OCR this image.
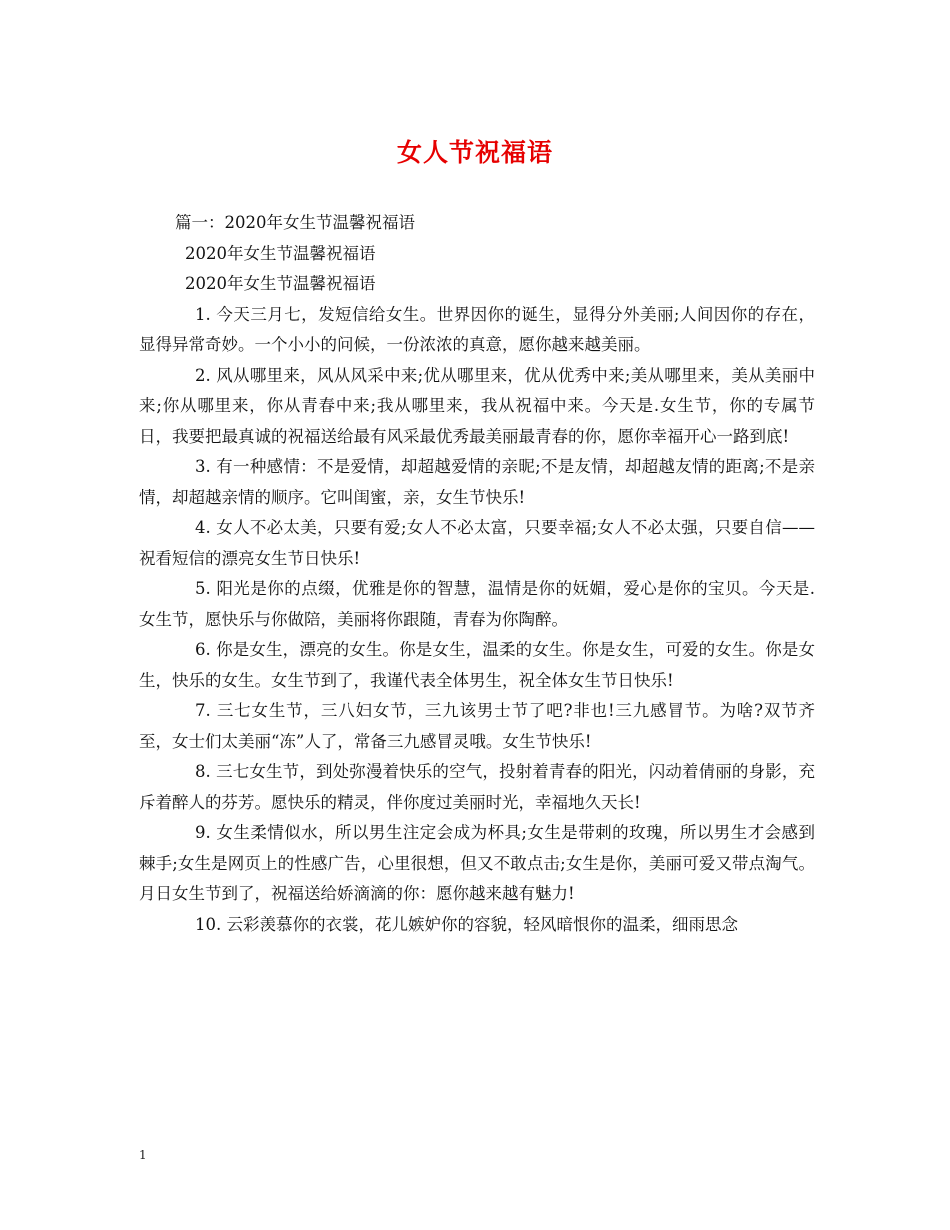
女人节祝福语
篇一：2020年女生节温馨祝福语
2020年女生节温馨祝福语
2020年女生节温馨祝福语

1. 今天三月七，发短信给女生。世界因你的诞生，显得分外美丽;人间因你的存在，显得异常奇妙。一个小小的问候，一份浓浓的真意，愿你越来越美丽。

2. 风从哪里来，风从风采中来;优从哪里来，优从优秀中来;美从哪里来，美从美丽中来;你从哪里来，你从青春中来;我从哪里来，我从祝福中来。今天是.女生节，你的专属节日，我要把最真诚的祝福送给最有风采最优秀最美丽最青春的你，愿你幸福开心一路到底!

3. 有一种感情：不是爱情，却超越爱情的亲昵;不是友情，却超越友情的距离;不是亲情，却超越亲情的顺序。它叫闺蜜，亲，女生节快乐!

4. 女人不必太美，只要有爱;女人不必太富，只要幸福;女人不必太强，只要自信——祝看短信的漂亮女生节日快乐!

5. 阳光是你的点缀，优雅是你的智慧，温情是你的妩媚，爱心是你的宝贝。今天是.女生节，愿快乐与你做陪，美丽将你跟随，青春为你陶醉。

6. 你是女生，漂亮的女生。你是女生，温柔的女生。你是女生，可爱的女生。你是女生，快乐的女生。女生节到了，我谨代表全体男生，祝全体女生节日快乐!

7. 三七女生节，三八妇女节，三九该男士节了吧?非也!三九感冒节。为啥?双节齐至，女士们太美丽“冻”人了，常备三九感冒灵哦。女生节快乐!

8. 三七女生节，到处弥漫着快乐的空气，投射着青春的阳光，闪动着倩丽的身影，充斥着醉人的芬芳。愿快乐的精灵，伴你度过美丽时光，幸福地久天长!

9. 女生柔情似水，所以男生注定会成为杯具;女生是带刺的玫瑰，所以男生才会感到棘手;女生是网页上的性感广告，心里很想，但又不敢点击;女生是你，美丽可爱又带点淘气。月日女生节到了，祝福送给娇滴滴的你：愿你越来越有魅力!

10. 云彩羡慕你的衣裳，花儿嫉妒你的容貌，轻风暗恨你的温柔，细雨思念

1
